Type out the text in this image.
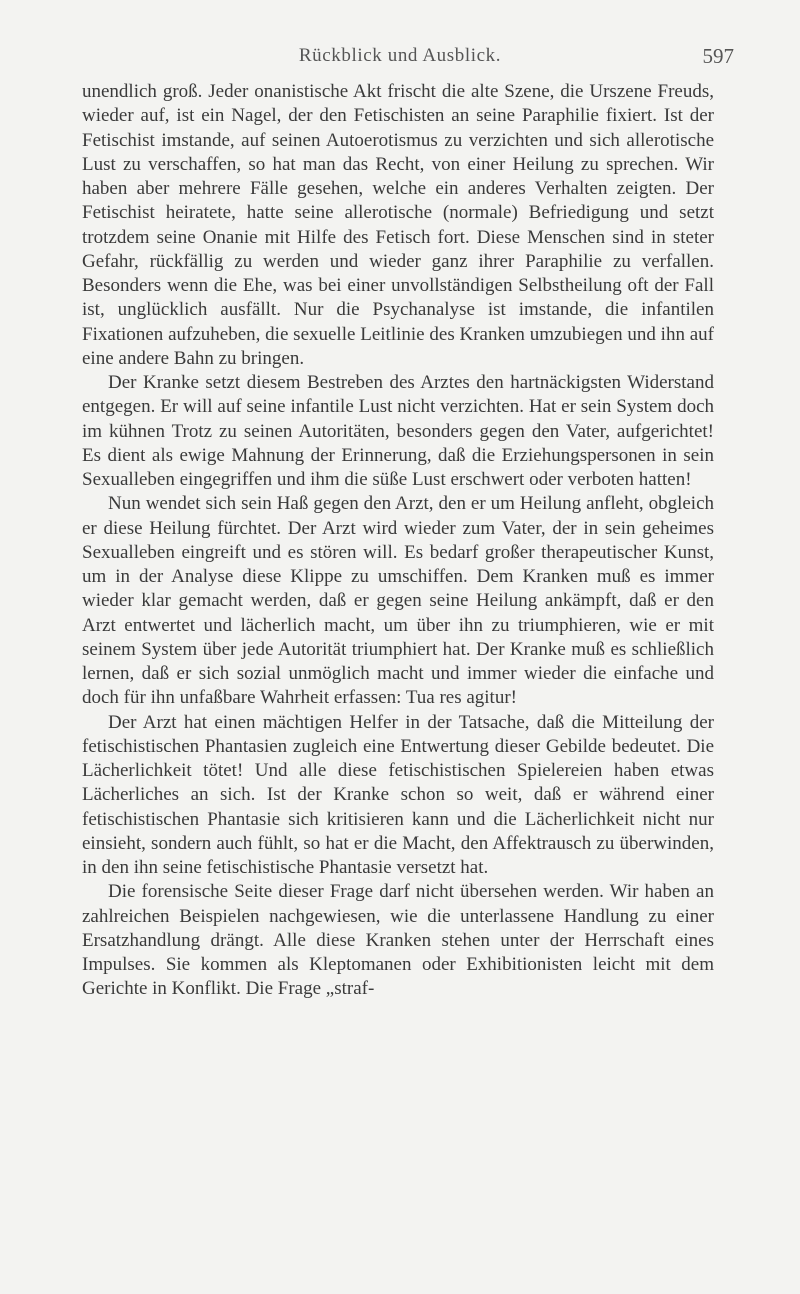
Rückblick und Ausblick.	597

unendlich groß. Jeder onanistische Akt frischt die alte Szene, die Urszene Freuds, wieder auf, ist ein Nagel, der den Fetischisten an seine Paraphilie fixiert. Ist der Fetischist imstande, auf seinen Autoerotismus zu verzichten und sich allerotische Lust zu verschaffen, so hat man das Recht, von einer Heilung zu sprechen. Wir haben aber mehrere Fälle gesehen, welche ein anderes Verhalten zeigten. Der Fetischist heiratete, hatte seine allerotische (normale) Befriedigung und setzt trotzdem seine Onanie mit Hilfe des Fetisch fort. Diese Menschen sind in steter Gefahr, rückfällig zu werden und wieder ganz ihrer Paraphilie zu verfallen. Besonders wenn die Ehe, was bei einer unvollständigen Selbstheilung oft der Fall ist, unglücklich ausfällt. Nur die Psychanalyse ist imstande, die infantilen Fixationen aufzuheben, die sexuelle Leitlinie des Kranken umzubiegen und ihn auf eine andere Bahn zu bringen.

Der Kranke setzt diesem Bestreben des Arztes den hartnäckigsten Widerstand entgegen. Er will auf seine infantile Lust nicht verzichten. Hat er sein System doch im kühnen Trotz zu seinen Autoritäten, besonders gegen den Vater, aufgerichtet! Es dient als ewige Mahnung der Erinnerung, daß die Erziehungspersonen in sein Sexualleben eingegriffen und ihm die süße Lust erschwert oder verboten hatten!

Nun wendet sich sein Haß gegen den Arzt, den er um Heilung anfleht, obgleich er diese Heilung fürchtet. Der Arzt wird wieder zum Vater, der in sein geheimes Sexualleben eingreift und es stören will. Es bedarf großer therapeutischer Kunst, um in der Analyse diese Klippe zu umschiffen. Dem Kranken muß es immer wieder klar gemacht werden, daß er gegen seine Heilung ankämpft, daß er den Arzt entwertet und lächerlich macht, um über ihn zu triumphieren, wie er mit seinem System über jede Autorität triumphiert hat. Der Kranke muß es schließlich lernen, daß er sich sozial unmöglich macht und immer wieder die einfache und doch für ihn unfaßbare Wahrheit erfassen: Tua res agitur!

Der Arzt hat einen mächtigen Helfer in der Tatsache, daß die Mitteilung der fetischistischen Phantasien zugleich eine Entwertung dieser Gebilde bedeutet. Die Lächerlichkeit tötet! Und alle diese fetischistischen Spielereien haben etwas Lächerliches an sich. Ist der Kranke schon so weit, daß er während einer fetischistischen Phantasie sich kritisieren kann und die Lächerlichkeit nicht nur einsieht, sondern auch fühlt, so hat er die Macht, den Affektrausch zu überwinden, in den ihn seine fetischistische Phantasie versetzt hat.

Die forensische Seite dieser Frage darf nicht übersehen werden. Wir haben an zahlreichen Beispielen nachgewiesen, wie die unterlassene Handlung zu einer Ersatzhandlung drängt. Alle diese Kranken stehen unter der Herrschaft eines Impulses. Sie kommen als Kleptomanen oder Exhibitionisten leicht mit dem Gerichte in Konflikt. Die Frage „straf-
